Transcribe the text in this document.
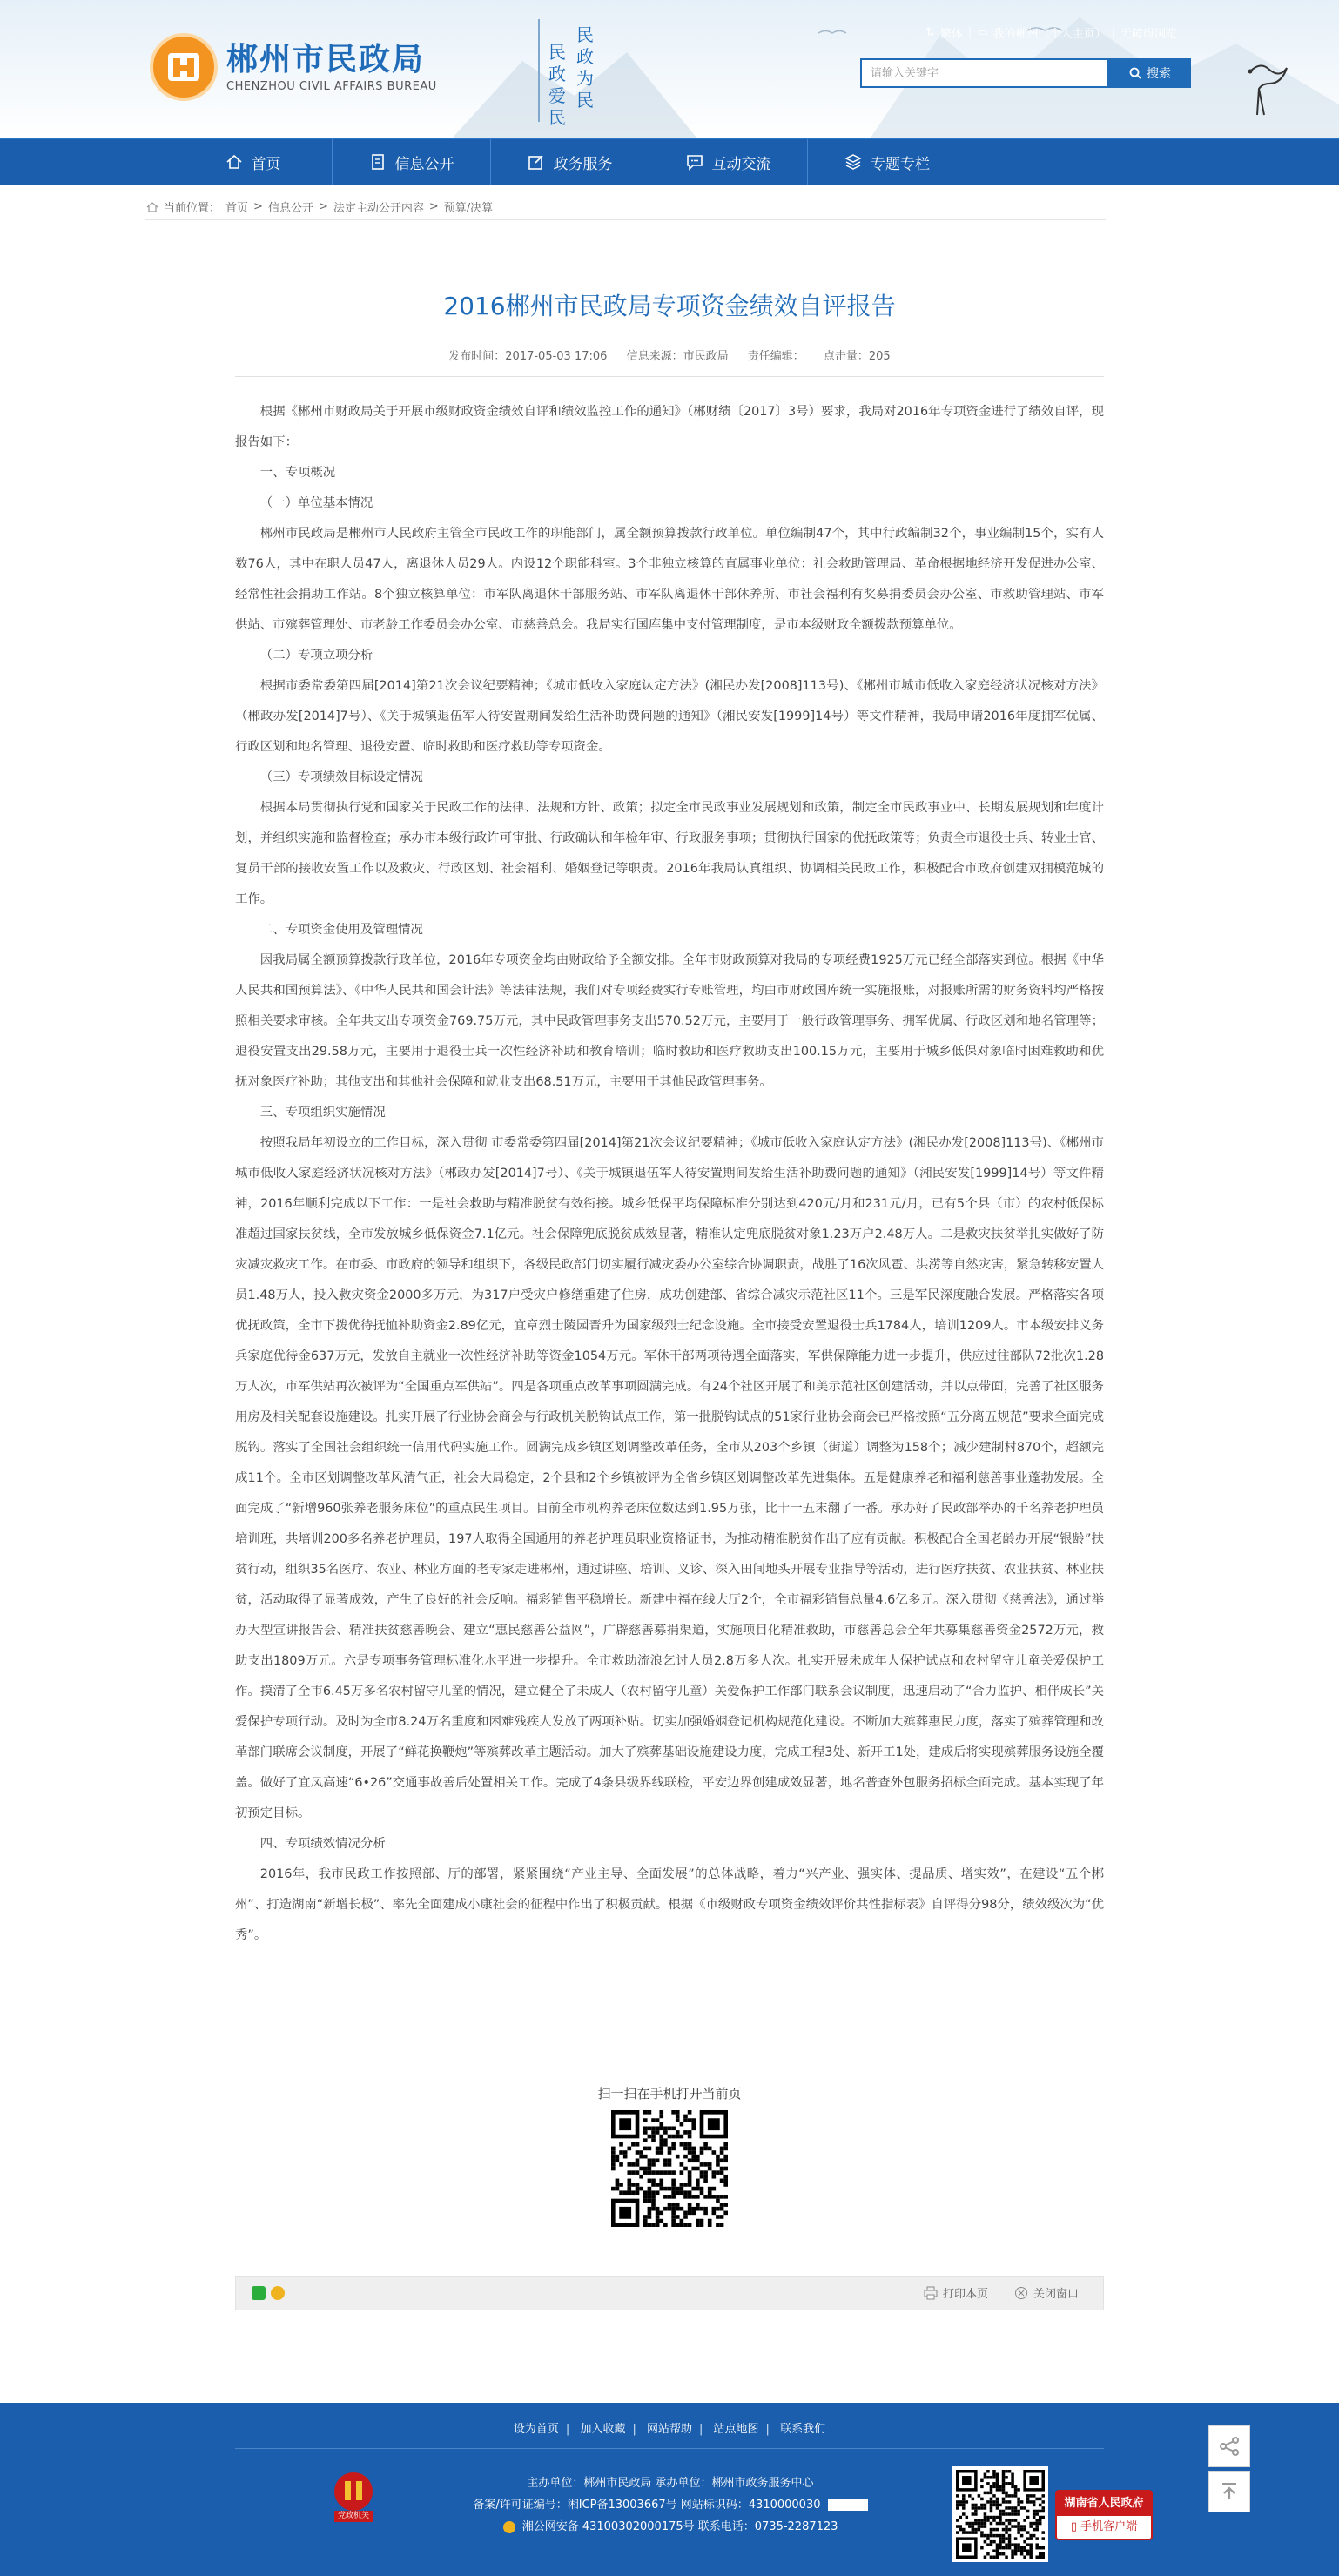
郴州市民政局
CHENZHOU CIVIL AFFAIRS BUREAU
民政爱民
民政为民
⇅ 繁体 | ▭ 我的郴州（个人主页） | 无障碍浏览
请输入关键字	搜索
首页	信息公开	政务服务	互动交流	专题专栏
当前位置： 首页 > 信息公开 > 法定主动公开内容 > 预算/决算
2016郴州市民政局专项资金绩效自评报告
发布时间：2017-05-03 17:06 信息来源：市民政局 责任编辑： 点击量：205

根据《郴州市财政局关于开展市级财政资金绩效自评和绩效监控工作的通知》（郴财绩〔2017〕3号）要求，我局对2016年专项资金进行了绩效自评，现报告如下：

一、专项概况

（一）单位基本情况

郴州市民政局是郴州市人民政府主管全市民政工作的职能部门，属全额预算拨款行政单位。单位编制47个，其中行政编制32个，事业编制15个，实有人数76人，其中在职人员47人，离退休人员29人。内设12个职能科室。3个非独立核算的直属事业单位：社会救助管理局、革命根据地经济开发促进办公室、经常性社会捐助工作站。8个独立核算单位：市军队离退休干部服务站、市军队离退休干部休养所、市社会福利有奖募捐委员会办公室、市救助管理站、市军供站、市殡葬管理处、市老龄工作委员会办公室、市慈善总会。我局实行国库集中支付管理制度，是市本级财政全额拨款预算单位。

（二）专项立项分析

根据市委常委第四届[2014]第21次会议纪要精神；《城市低收入家庭认定方法》(湘民办发[2008]113号)、《郴州市城市低收入家庭经济状况核对方法》（郴政办发[2014]7号）、《关于城镇退伍军人待安置期间发给生活补助费问题的通知》（湘民安发[1999]14号）等文件精神，我局申请2016年度拥军优属、行政区划和地名管理、退役安置、临时救助和医疗救助等专项资金。

（三）专项绩效目标设定情况

根据本局贯彻执行党和国家关于民政工作的法律、法规和方针、政策；拟定全市民政事业发展规划和政策，制定全市民政事业中、长期发展规划和年度计划，并组织实施和监督检查；承办市本级行政许可审批、行政确认和年检年审、行政服务事项；贯彻执行国家的优抚政策等；负责全市退役士兵、转业士官、复员干部的接收安置工作以及救灾、行政区划、社会福利、婚姻登记等职责。2016年我局认真组织、协调相关民政工作，积极配合市政府创建双拥模范城的工作。

二、专项资金使用及管理情况

因我局属全额预算拨款行政单位，2016年专项资金均由财政给予全额安排。全年市财政预算对我局的专项经费1925万元已经全部落实到位。根据《中华人民共和国预算法》、《中华人民共和国会计法》等法律法规，我们对专项经费实行专账管理，均由市财政国库统一实施报账，对报账所需的财务资料均严格按照相关要求审核。全年共支出专项资金769.75万元，其中民政管理事务支出570.52万元，主要用于一般行政管理事务、拥军优属、行政区划和地名管理等；退役安置支出29.58万元，主要用于退役士兵一次性经济补助和教育培训；临时救助和医疗救助支出100.15万元，主要用于城乡低保对象临时困难救助和优抚对象医疗补助；其他支出和其他社会保障和就业支出68.51万元，主要用于其他民政管理事务。

三、专项组织实施情况

按照我局年初设立的工作目标，深入贯彻 市委常委第四届[2014]第21次会议纪要精神；《城市低收入家庭认定方法》(湘民办发[2008]113号)、《郴州市城市低收入家庭经济状况核对方法》（郴政办发[2014]7号）、《关于城镇退伍军人待安置期间发给生活补助费问题的通知》（湘民安发[1999]14号）等文件精神，2016年顺利完成以下工作：一是社会救助与精准脱贫有效衔接。城乡低保平均保障标准分别达到420元/月和231元/月，已有5个县（市）的农村低保标准超过国家扶贫线，全市发放城乡低保资金7.1亿元。社会保障兜底脱贫成效显著，精准认定兜底脱贫对象1.23万户2.48万人。二是救灾扶贫举扎实做好了防灾减灾救灾工作。在市委、市政府的领导和组织下，各级民政部门切实履行减灾委办公室综合协调职责，战胜了16次风雹、洪涝等自然灾害，紧急转移安置人员1.48万人，投入救灾资金2000多万元，为317户受灾户修缮重建了住房，成功创建部、省综合减灾示范社区11个。三是军民深度融合发展。严格落实各项优抚政策，全市下拨优待抚恤补助资金2.89亿元，宜章烈士陵园晋升为国家级烈士纪念设施。全市接受安置退役士兵1784人，培训1209人。市本级安排义务兵家庭优待金637万元，发放自主就业一次性经济补助等资金1054万元。军休干部两项待遇全面落实，军供保障能力进一步提升，供应过往部队72批次1.28万人次，市军供站再次被评为“全国重点军供站”。四是各项重点改革事项圆满完成。有24个社区开展了和美示范社区创建活动，并以点带面，完善了社区服务用房及相关配套设施建设。扎实开展了行业协会商会与行政机关脱钩试点工作，第一批脱钩试点的51家行业协会商会已严格按照“五分离五规范”要求全面完成脱钩。落实了全国社会组织统一信用代码实施工作。圆满完成乡镇区划调整改革任务，全市从203个乡镇（街道）调整为158个；减少建制村870个，超额完成11个。全市区划调整改革风清气正，社会大局稳定，2个县和2个乡镇被评为全省乡镇区划调整改革先进集体。五是健康养老和福利慈善事业蓬勃发展。全面完成了“新增960张养老服务床位”的重点民生项目。目前全市机构养老床位数达到1.95万张，比十一五末翻了一番。承办好了民政部举办的千名养老护理员培训班，共培训200多名养老护理员，197人取得全国通用的养老护理员职业资格证书，为推动精准脱贫作出了应有贡献。积极配合全国老龄办开展“银龄”扶贫行动，组织35名医疗、农业、林业方面的老专家走进郴州，通过讲座、培训、义诊、深入田间地头开展专业指导等活动，进行医疗扶贫、农业扶贫、林业扶贫，活动取得了显著成效，产生了良好的社会反响。福彩销售平稳增长。新建中福在线大厅2个，全市福彩销售总量4.6亿多元。深入贯彻《慈善法》，通过举办大型宣讲报告会、精准扶贫慈善晚会、建立“惠民慈善公益网”，广辟慈善募捐渠道，实施项目化精准救助，市慈善总会全年共募集慈善资金2572万元，救助支出1809万元。六是专项事务管理标准化水平进一步提升。全市救助流浪乞讨人员2.8万多人次。扎实开展未成年人保护试点和农村留守儿童关爱保护工作。摸清了全市6.45万多名农村留守儿童的情况，建立健全了未成人（农村留守儿童）关爱保护工作部门联系会议制度，迅速启动了“合力监护、相伴成长”关爱保护专项行动。及时为全市8.24万名重度和困难残疾人发放了两项补贴。切实加强婚姻登记机构规范化建设。不断加大殡葬惠民力度，落实了殡葬管理和改革部门联席会议制度，开展了“鲜花换鞭炮”等殡葬改革主题活动。加大了殡葬基础设施建设力度，完成工程3处、新开工1处，建成后将实现殡葬服务设施全覆盖。做好了宜凤高速“6•26”交通事故善后处置相关工作。完成了4条县级界线联检，平安边界创建成效显著，地名普查外包服务招标全面完成。基本实现了年初预定目标。

四、专项绩效情况分析

2016年，我市民政工作按照部、厅的部署，紧紧围绕“产业主导、全面发展”的总体战略，着力“兴产业、强实体、提品质、增实效”，在建设“五个郴州”、打造湖南“新增长极”、率先全面建成小康社会的征程中作出了积极贡献。根据《市级财政专项资金绩效评价共性指标表》自评得分98分，绩效级次为“优秀”。

扫一扫在手机打开当前页
打印本页	关闭窗口
设为首页 | 加入收藏 | 网站帮助 | 站点地图 | 联系我们
党政机关
主办单位：郴州市民政局 承办单位：郴州市政务服务中心
备案/许可证编号：湘ICP备13003667号 网站标识码：4310000030
湘公网安备 43100302000175号 联系电话：0735-2287123
湖南省人民政府
▯ 手机客户端
